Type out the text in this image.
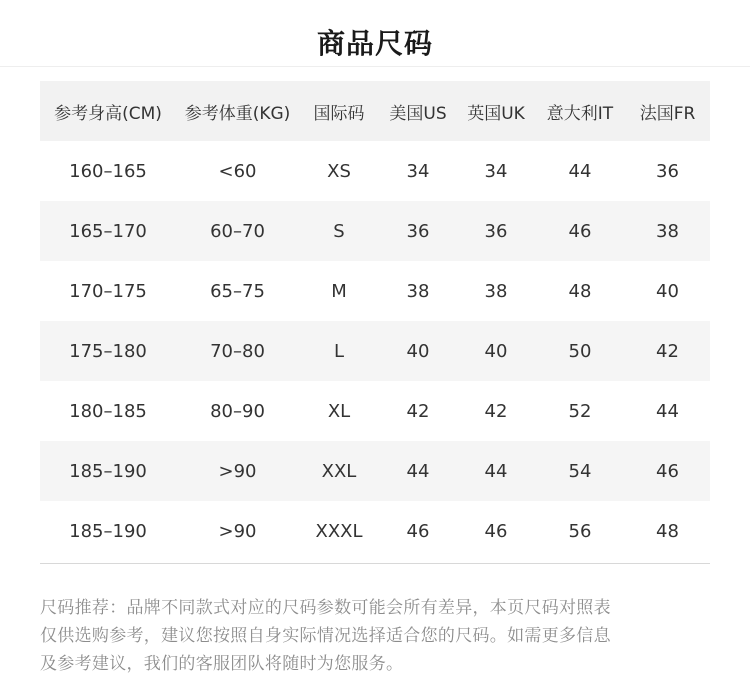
商品尺码
参考身高(CM)	参考体重(KG)	国际码	美国US	英国UK	意大利IT	法国FR
160–165	<60	XS	34	34	44	36
165–170	60–70	S	36	36	46	38
170–175	65–75	M	38	38	48	40
175–180	70–80	L	40	40	50	42
180–185	80–90	XL	42	42	52	44
185–190	>90	XXL	44	44	54	46
185–190	>90	XXXL	46	46	56	48
尺码推荐：品牌不同款式对应的尺码参数可能会所有差异，本页尺码对照表
仅供选购参考，建议您按照自身实际情况选择适合您的尺码。如需更多信息
及参考建议，我们的客服团队将随时为您服务。
